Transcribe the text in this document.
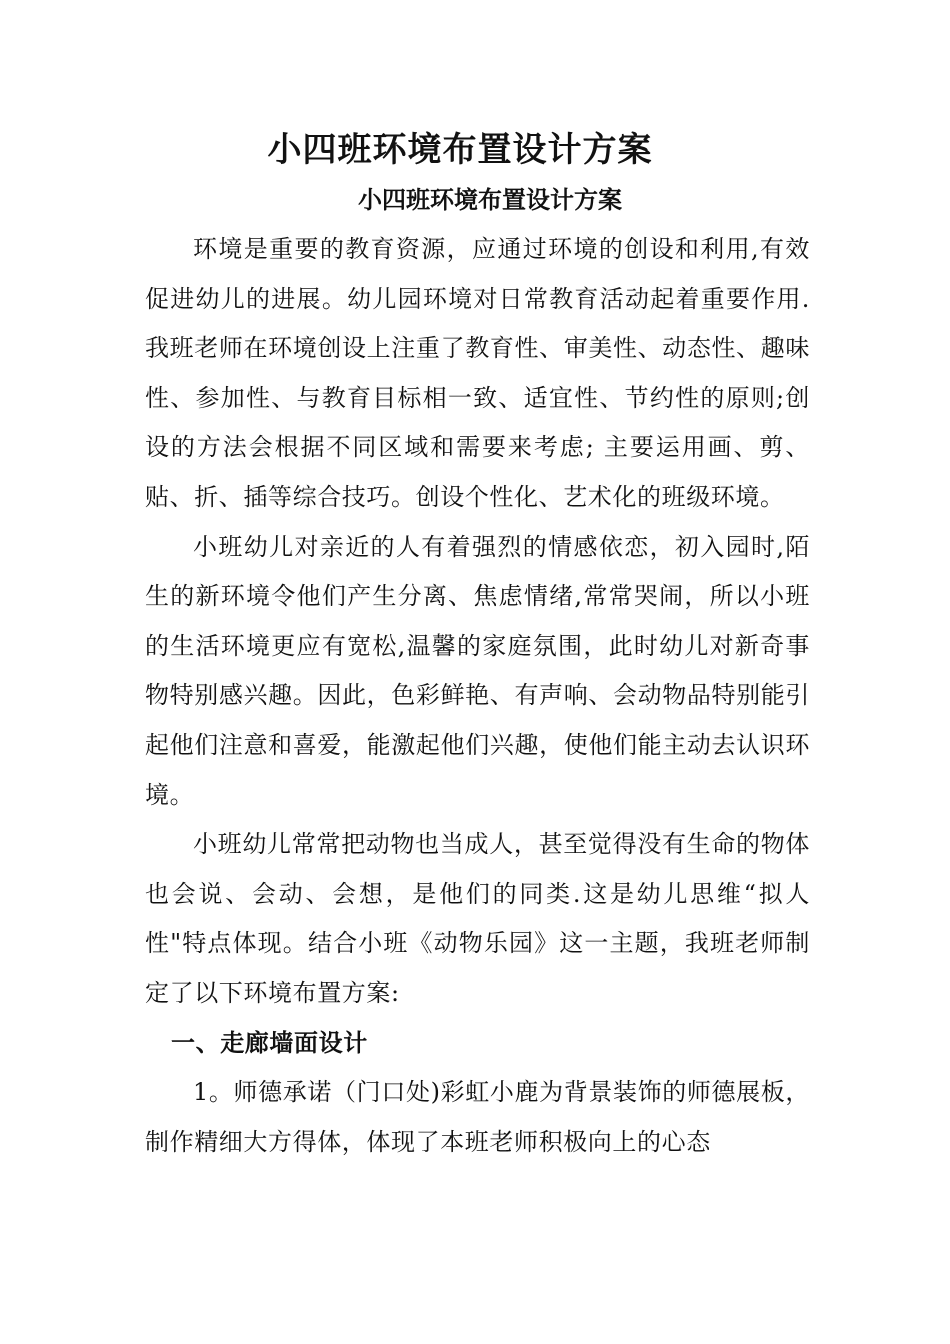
小四班环境布置设计方案
小四班环境布置设计方案

环境是重要的教育资源，应通过环境的创设和利用,有效促进幼儿的进展。幼儿园环境对日常教育活动起着重要作用.我班老师在环境创设上注重了教育性、审美性、动态性、趣味性、参加性、与教育目标相一致、适宜性、节约性的原则;创设的方法会根据不同区域和需要来考虑; 主要运用画、剪、贴、折、插等综合技巧。创设个性化、艺术化的班级环境。

小班幼儿对亲近的人有着强烈的情感依恋，初入园时,陌生的新环境令他们产生分离、焦虑情绪,常常哭闹，所以小班的生活环境更应有宽松,温馨的家庭氛围，此时幼儿对新奇事物特别感兴趣。因此，色彩鲜艳、有声响、会动物品特别能引起他们注意和喜爱，能激起他们兴趣，使他们能主动去认识环境。

小班幼儿常常把动物也当成人，甚至觉得没有生命的物体也会说、会动、会想，是他们的同类.这是幼儿思维“拟人性"特点体现。结合小班《动物乐园》这一主题，我班老师制定了以下环境布置方案:

一、走廊墙面设计

1。师德承诺（门口处)彩虹小鹿为背景装饰的师德展板，制作精细大方得体，体现了本班老师积极向上的心态
